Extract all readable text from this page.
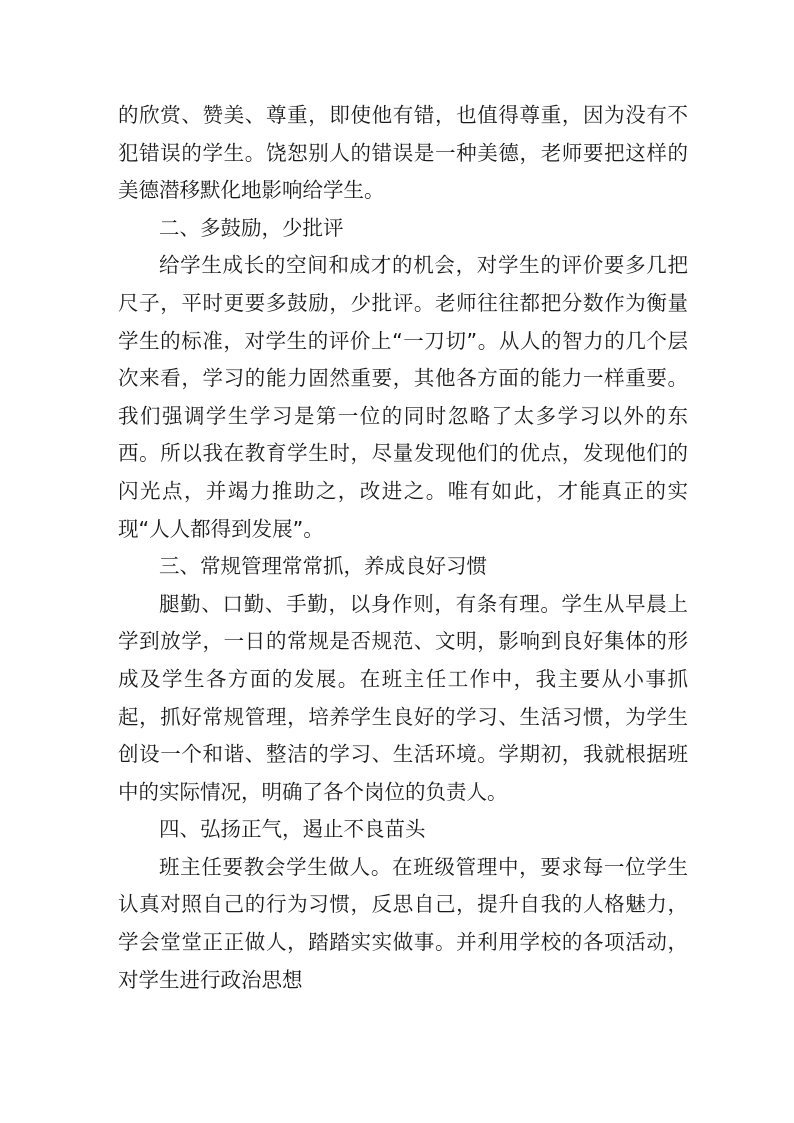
的欣赏、赞美、尊重，即使他有错，也值得尊重，因为没有不犯错误的学生。饶恕别人的错误是一种美德，老师要把这样的美德潜移默化地影响给学生。

二、多鼓励，少批评

给学生成长的空间和成才的机会，对学生的评价要多几把尺子，平时更要多鼓励，少批评。老师往往都把分数作为衡量学生的标准，对学生的评价上“一刀切”。从人的智力的几个层次来看，学习的能力固然重要，其他各方面的能力一样重要。我们强调学生学习是第一位的同时忽略了太多学习以外的东西。所以我在教育学生时，尽量发现他们的优点，发现他们的闪光点，并竭力推助之，改进之。唯有如此，才能真正的实现“人人都得到发展”。

三、常规管理常常抓，养成良好习惯

腿勤、口勤、手勤，以身作则，有条有理。学生从早晨上学到放学，一日的常规是否规范、文明，影响到良好集体的形成及学生各方面的发展。在班主任工作中，我主要从小事抓起，抓好常规管理，培养学生良好的学习、生活习惯，为学生创设一个和谐、整洁的学习、生活环境。学期初，我就根据班中的实际情况，明确了各个岗位的负责人。

四、弘扬正气，遏止不良苗头

班主任要教会学生做人。在班级管理中，要求每一位学生认真对照自己的行为习惯，反思自己，提升自我的人格魅力，学会堂堂正正做人，踏踏实实做事。并利用学校的各项活动，对学生进行政治思想
